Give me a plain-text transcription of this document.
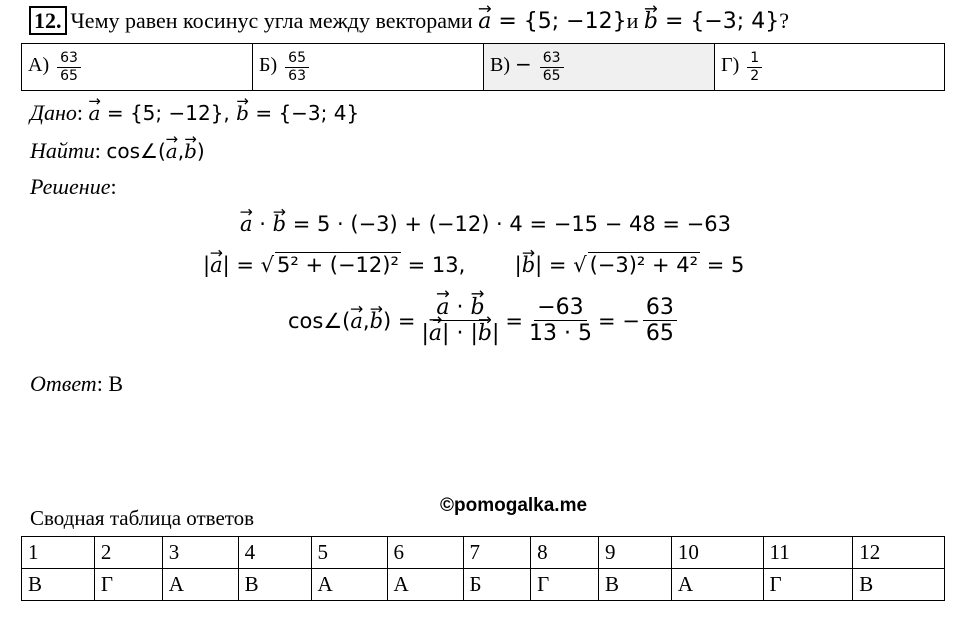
12. Чему равен косинус угла между векторами → a = {5; −12}и → b = {−3; 4}?
$А) \frac{63}{65}$	$Б) \frac{65}{63}$	$В) - \frac{63}{65}$	$Г) \frac{1}{2}$
Дано: → a = {5; −12}, → b = {−3; 4}
Найти: cos∠(→ a,→ b)
Решение:
→ a · → b = 5 · (−3) + (−12) · 4 = −15 − 48 = −63
|→ a| = √ 5² + (−12)² = 13, |→ b| = √ (−3)² + 4² = 5
cos∠( → a , → b ) = → $\frac{a \cdot \to b}{|\to a| \cdot |\to b|} = \frac{-63}{13 \cdot 5}$ = − $\frac{63}{65}$
Ответ: В
©pomogalka.me
Сводная таблица ответов
1	2	3	4	5	6	7	8	9	10	11	12
В	Г	А	В	А	А	Б	Г	В	А	Г	В
